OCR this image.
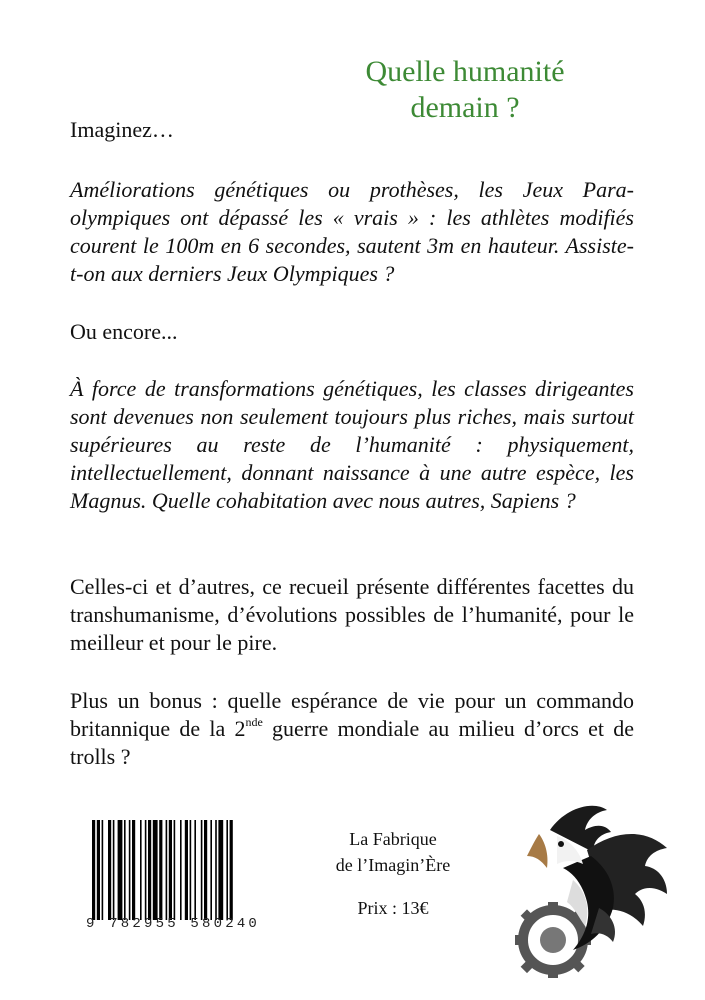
Quelle humanité
demain ?

Imaginez…

Améliorations génétiques ou prothèses, les Jeux Para-olympiques ont dépassé les « vrais » : les athlètes modifiés courent le 100m en 6 secondes, sautent 3m en hauteur. Assiste-t-on aux derniers Jeux Olympiques ?

Ou encore...

À force de transformations génétiques, les classes dirigeantes sont devenues non seulement toujours plus riches, mais surtout supérieures au reste de l’humanité : physiquement, intellectuellement, donnant naissance à une autre espèce, les Magnus. Quelle cohabitation avec nous autres, Sapiens ?

Celles-ci et d’autres, ce recueil présente différentes facettes du transhumanisme, d’évolutions possibles de l’humanité, pour le meilleur et pour le pire.

Plus un bonus : quelle espérance de vie pour un commando britannique de la 2nde guerre mondiale au milieu d’orcs et de trolls ?

9 782955 580240
La Fabrique
de l’Imagin’Ère
Prix : 13€
